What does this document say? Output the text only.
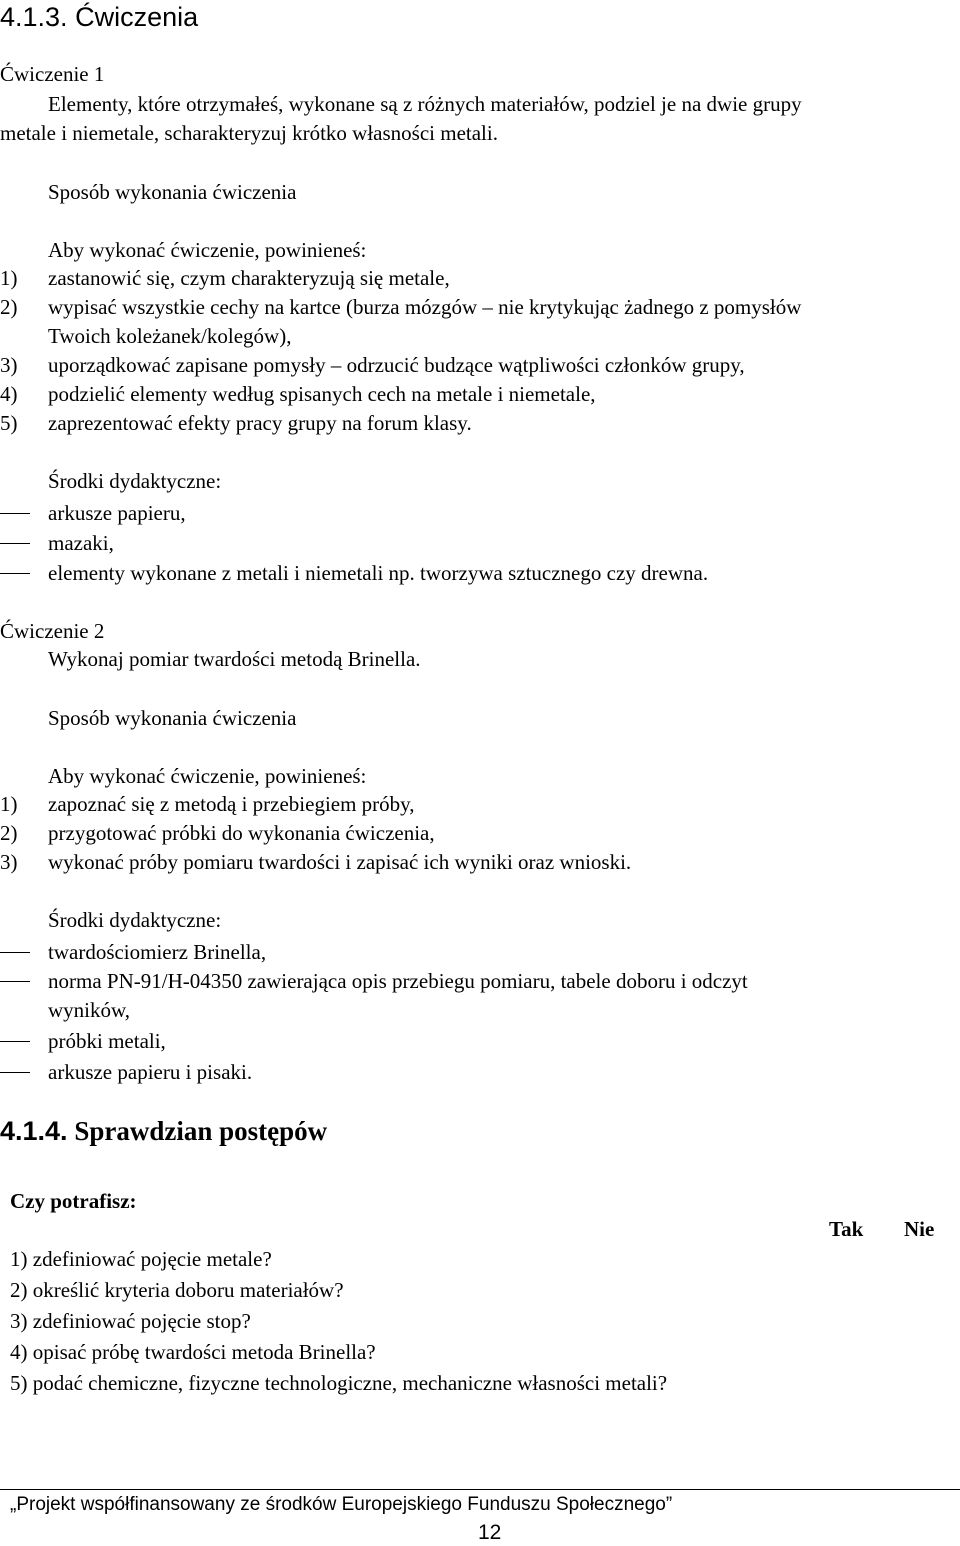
4.1.3. Ćwiczenia
Ćwiczenie 1
Elementy, które otrzymałeś, wykonane są z różnych materiałów, podziel je na dwie grupy
metale i niemetale, scharakteryzuj krótko własności metali.
Sposób wykonania ćwiczenia
Aby wykonać ćwiczenie, powinieneś:
1) zastanowić się, czym charakteryzują się metale,
2) wypisać wszystkie cechy na kartce (burza mózgów – nie krytykując żadnego z pomysłów
Twoich koleżanek/kolegów),
3) uporządkować zapisane pomysły – odrzucić budzące wątpliwości członków grupy,
4) podzielić elementy według spisanych cech na metale i niemetale,
5) zaprezentować efekty pracy grupy na forum klasy.
Środki dydaktyczne:
arkusze papieru,
mazaki,
elementy wykonane z metali i niemetali np. tworzywa sztucznego czy drewna.
Ćwiczenie 2
Wykonaj pomiar twardości metodą Brinella.
Sposób wykonania ćwiczenia
Aby wykonać ćwiczenie, powinieneś:
1) zapoznać się z metodą i przebiegiem próby,
2) przygotować próbki do wykonania ćwiczenia,
3) wykonać próby pomiaru twardości i zapisać ich wyniki oraz wnioski.
Środki dydaktyczne:
twardościomierz Brinella,
norma PN-91/H-04350 zawierająca opis przebiegu pomiaru, tabele doboru i odczyt
wyników,
próbki metali,
arkusze papieru i pisaki.
4.1.4. Sprawdzian postępów
Czy potrafisz:
Tak Nie
1) zdefiniować pojęcie metale?
2) określić kryteria doboru materiałów?
3) zdefiniować pojęcie stop?
4) opisać próbę twardości metoda Brinella?
5) podać chemiczne, fizyczne technologiczne, mechaniczne własności metali?
„Projekt współfinansowany ze środków Europejskiego Funduszu Społecznego”
12
